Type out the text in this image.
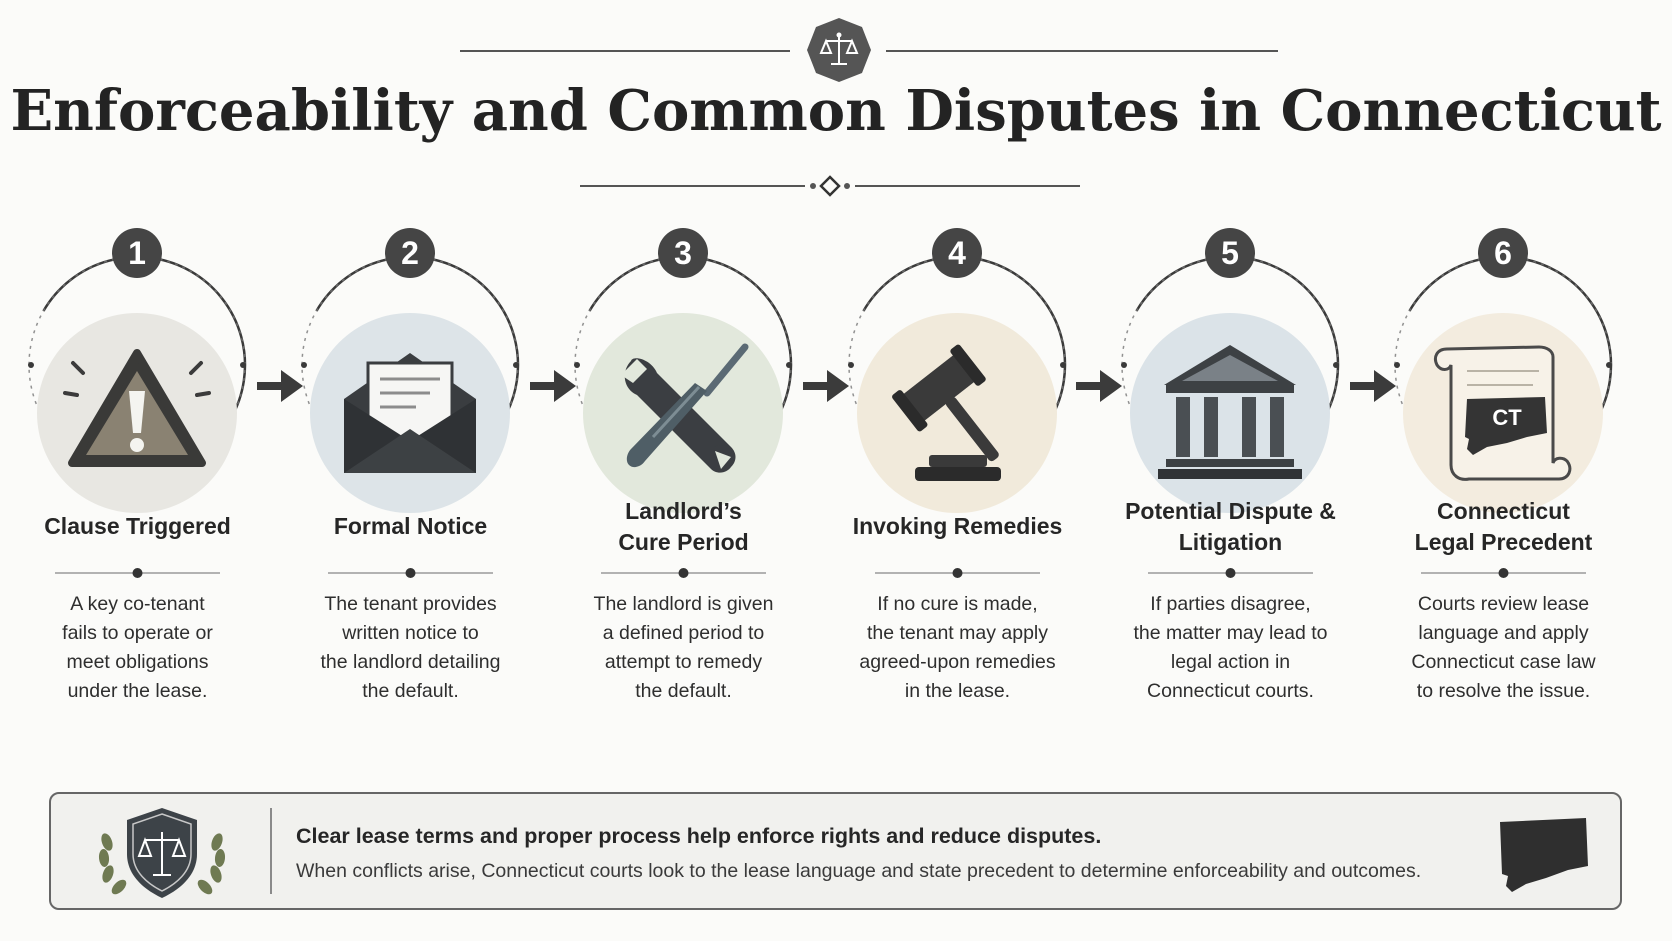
Enforceability and Common Disputes in Connecticut
1
Clause Triggered
A key co-tenant
fails to operate or
meet obligations
under the lease.
2
Formal Notice
The tenant provides
written notice to
the landlord detailing
the default.
3
Landlord’s
Cure Period
The landlord is given
a defined period to
attempt to remedy
the default.
4
Invoking Remedies
If no cure is made,
the tenant may apply
agreed-upon remedies
in the lease.
5
Potential Dispute &
Litigation
If parties disagree,
the matter may lead to
legal action in
Connecticut courts.
6
CT
Connecticut
Legal Precedent
Courts review lease
language and apply
Connecticut case law
to resolve the issue.
Clear lease terms and proper process help enforce rights and reduce disputes.
When conflicts arise, Connecticut courts look to the lease language and state precedent to determine enforceability and outcomes.
